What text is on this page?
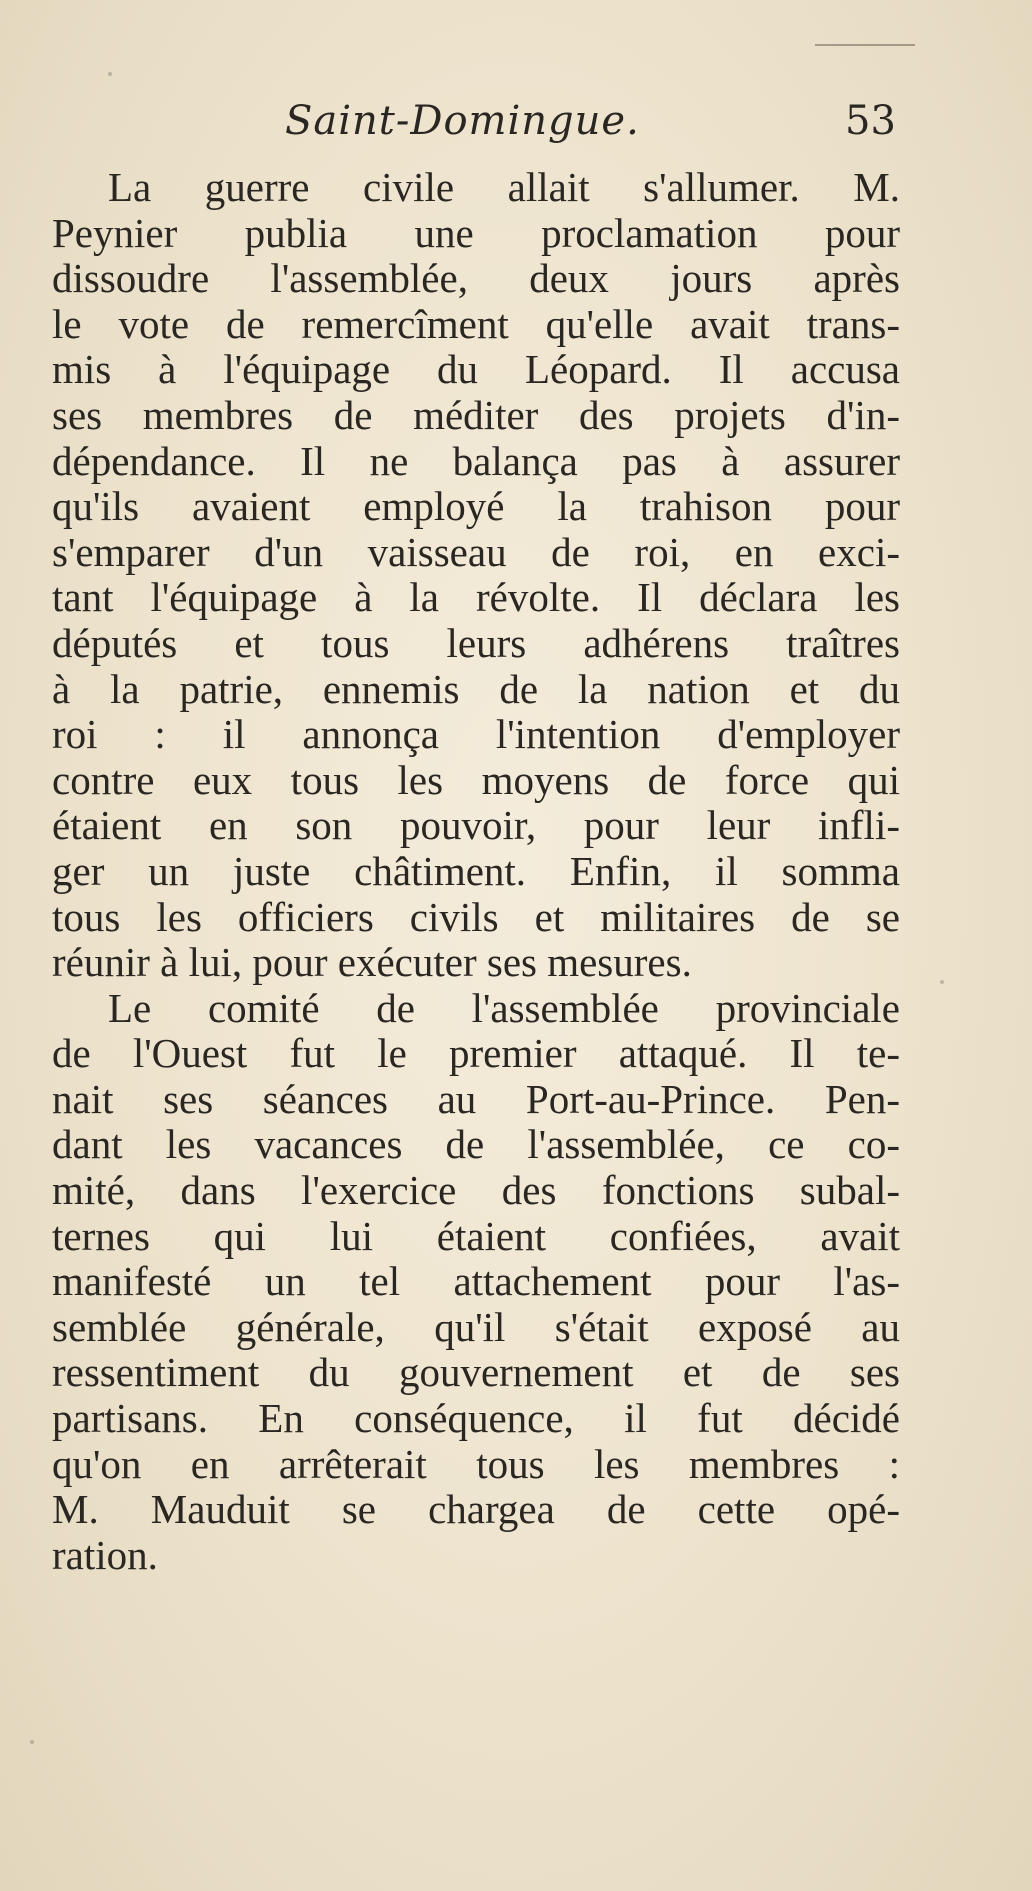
Saint-Domingue.	53
La guerre civile allait s'allumer. M.
Peynier publia une proclamation pour
dissoudre l'assemblée, deux jours après
le vote de remercîment qu'elle avait trans-
mis à l'équipage du Léopard. Il accusa
ses membres de méditer des projets d'in-
dépendance. Il ne balança pas à assurer
qu'ils avaient employé la trahison pour
s'emparer d'un vaisseau de roi, en exci-
tant l'équipage à la révolte. Il déclara les
députés et tous leurs adhérens traîtres
à la patrie, ennemis de la nation et du
roi : il annonça l'intention d'employer
contre eux tous les moyens de force qui
étaient en son pouvoir, pour leur infli-
ger un juste châtiment. Enfin, il somma
tous les officiers civils et militaires de se
réunir à lui, pour exécuter ses mesures.
Le comité de l'assemblée provinciale
de l'Ouest fut le premier attaqué. Il te-
nait ses séances au Port-au-Prince. Pen-
dant les vacances de l'assemblée, ce co-
mité, dans l'exercice des fonctions subal-
ternes qui lui étaient confiées, avait
manifesté un tel attachement pour l'as-
semblée générale, qu'il s'était exposé au
ressentiment du gouvernement et de ses
partisans. En conséquence, il fut décidé
qu'on en arrêterait tous les membres :
M. Mauduit se chargea de cette opé-
ration.
